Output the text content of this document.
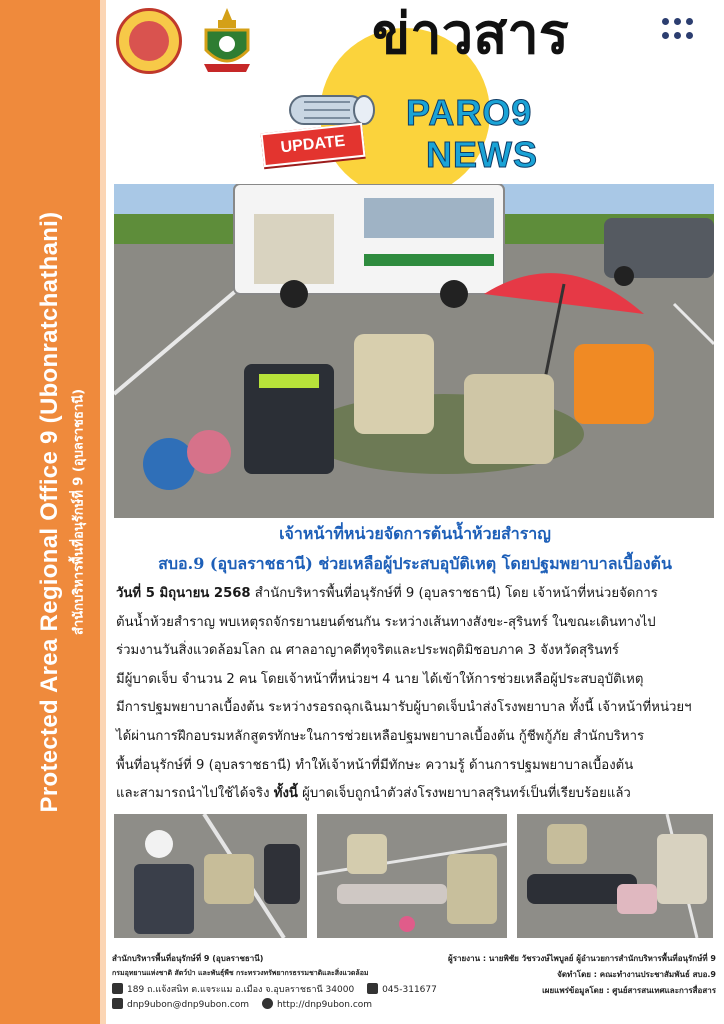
Protected Area Regional Office 9 (Ubonratchathani) สำนักบริหารพื้นที่อนุรักษ์ที่ 9 (อุบลราชธานี)
ข่าวสาร
PARO9
NEWS
UPDATE
เจ้าหน้าที่หน่วยจัดการต้นน้ำห้วยสำราญ
สบอ.9 (อุบลราชธานี) ช่วยเหลือผู้ประสบอุบัติเหตุ โดยปฐมพยาบาลเบื้องต้น
วันที่ 5 มิถุนายน 2568 สำนักบริหารพื้นที่อนุรักษ์ที่ 9 (อุบลราชธานี) โดย เจ้าหน้าที่หน่วยจัดการ
ต้นน้ำห้วยสำราญ พบเหตุรถจักรยานยนต์ชนกัน ระหว่างเส้นทางสังขะ-สุรินทร์ ในขณะเดินทางไป
ร่วมงานวันสิ่งแวดล้อมโลก ณ ศาลอาญาคดีทุจริตและประพฤติมิชอบภาค 3 จังหวัดสุรินทร์
มีผู้บาดเจ็บ จำนวน 2 คน โดยเจ้าหน้าที่หน่วยฯ 4 นาย ได้เข้าให้การช่วยเหลือผู้ประสบอุบัติเหตุ
มีการปฐมพยาบาลเบื้องต้น ระหว่างรอรถฉุกเฉินมารับผู้บาดเจ็บนำส่งโรงพยาบาล ทั้งนี้ เจ้าหน้าที่หน่วยฯ
ได้ผ่านการฝึกอบรมหลักสูตรทักษะในการช่วยเหลือปฐมพยาบาลเบื้องต้น กู้ชีพกู้ภัย สำนักบริหาร
พื้นที่อนุรักษ์ที่ 9 (อุบลราชธานี) ทำให้เจ้าหน้าที่มีทักษะ ความรู้ ด้านการปฐมพยาบาลเบื้องต้น
และสามารถนำไปใช้ได้จริง ทั้งนี้ ผู้บาดเจ็บถูกนำตัวส่งโรงพยาบาลสุรินทร์เป็นที่เรียบร้อยแล้ว
สำนักบริหารพื้นที่อนุรักษ์ที่ 9 (อุบลราชธานี)
กรมอุทยานแห่งชาติ สัตว์ป่า และพันธุ์พืช กระทรวงทรัพยากรธรรมชาติและสิ่งแวดล้อม
189 ถ.แจ้งสนิท ต.แจระแม อ.เมือง จ.อุบลราชธานี 34000	045-311677
dnp9ubon@dnp9ubon.com	http://dnp9ubon.com
ผู้รายงาน : นายพิชัย วัชรวงษ์ไพบูลย์ ผู้อำนวยการสำนักบริหารพื้นที่อนุรักษ์ที่ 9
จัดทำโดย : คณะทำงานประชาสัมพันธ์ สบอ.9
เผยแพร่ข้อมูลโดย : ศูนย์สารสนเทศและการสื่อสาร
